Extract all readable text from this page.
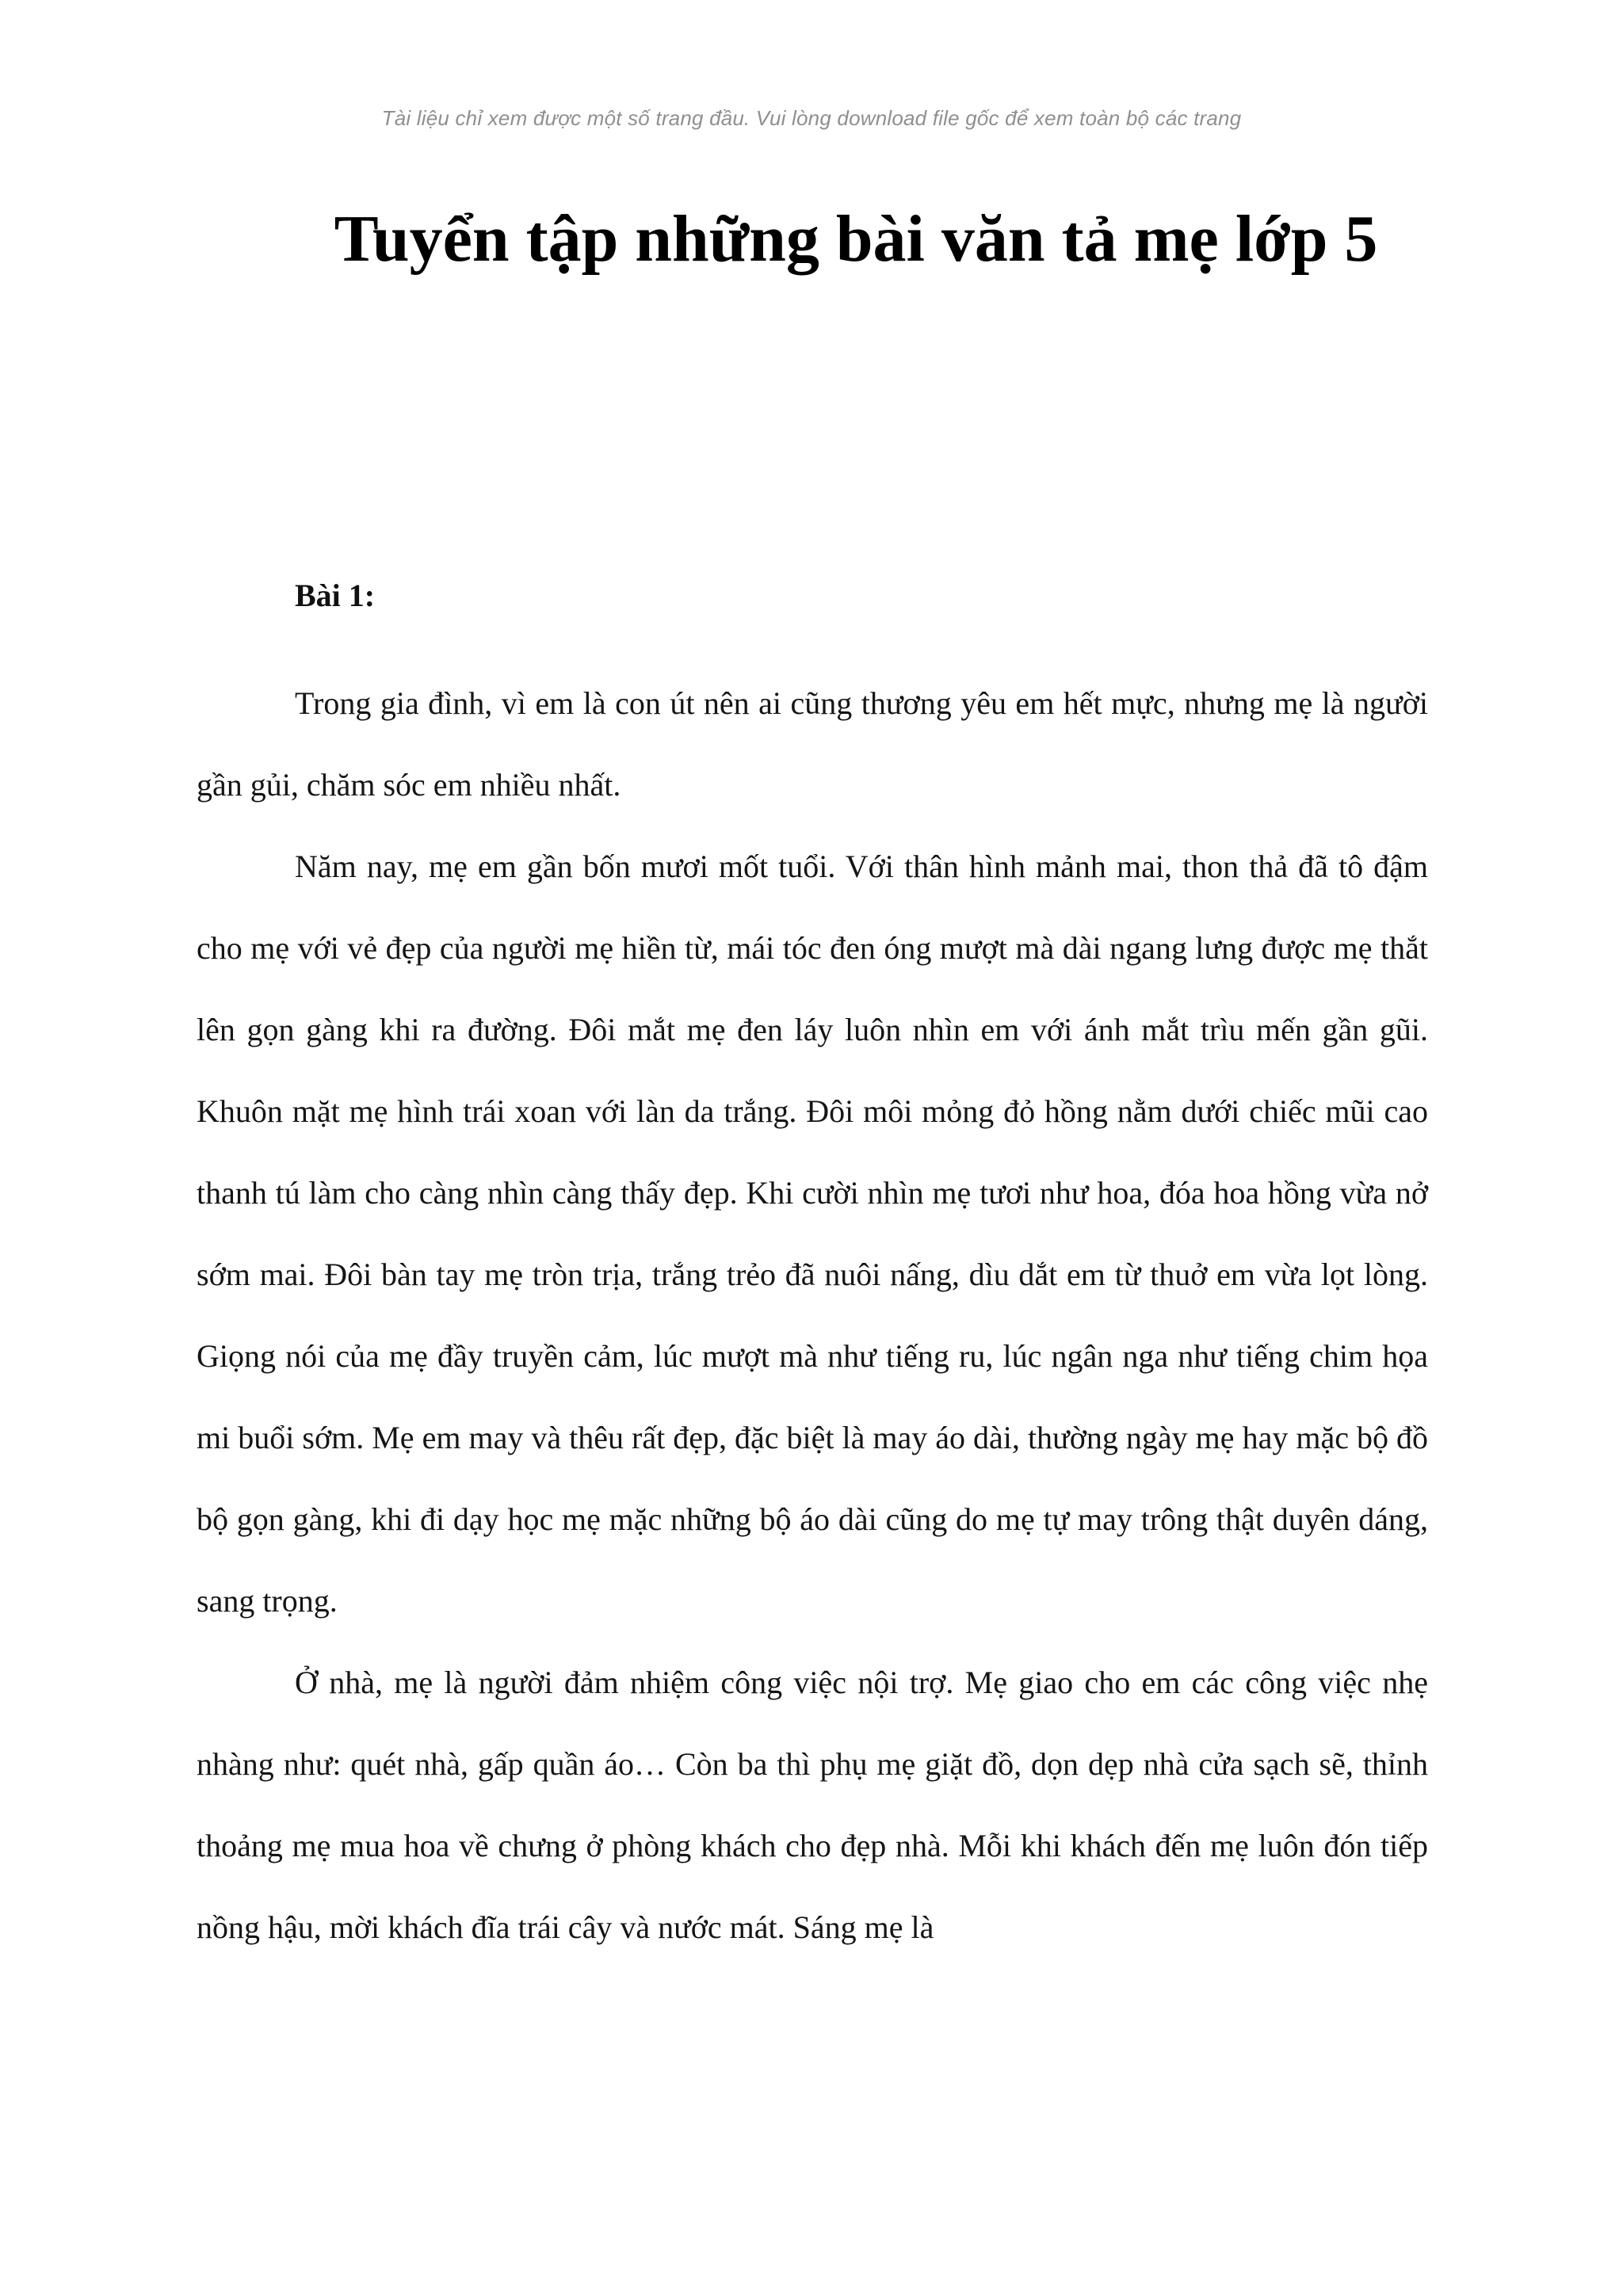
Tài liệu chỉ xem được một số trang đầu. Vui lòng download file gốc để xem toàn bộ các trang
Tuyển tập những bài văn tả mẹ lớp 5
Bài 1:

Trong gia đình, vì em là con út nên ai cũng thương yêu em hết mực, nhưng mẹ là người gần gủi, chăm sóc em nhiều nhất.

Năm nay, mẹ em gần bốn mươi mốt tuổi. Với thân hình mảnh mai, thon thả đã tô đậm cho mẹ với vẻ đẹp của người mẹ hiền từ, mái tóc đen óng mượt mà dài ngang lưng được mẹ thắt lên gọn gàng khi ra đường. Đôi mắt mẹ đen láy luôn nhìn em với ánh mắt trìu mến gần gũi. Khuôn mặt mẹ hình trái xoan với làn da trắng. Đôi môi mỏng đỏ hồng nằm dưới chiếc mũi cao thanh tú làm cho càng nhìn càng thấy đẹp. Khi cười nhìn mẹ tươi như hoa, đóa hoa hồng vừa nở sớm mai. Đôi bàn tay mẹ tròn trịa, trắng trẻo đã nuôi nấng, dìu dắt em từ thuở em vừa lọt lòng. Giọng nói của mẹ đầy truyền cảm, lúc mượt mà như tiếng ru, lúc ngân nga như tiếng chim họa mi buổi sớm. Mẹ em may và thêu rất đẹp, đặc biệt là may áo dài, thường ngày mẹ hay mặc bộ đồ bộ gọn gàng, khi đi dạy học mẹ mặc những bộ áo dài cũng do mẹ tự may trông thật duyên dáng, sang trọng.

Ở nhà, mẹ là người đảm nhiệm công việc nội trợ. Mẹ giao cho em các công việc nhẹ nhàng như: quét nhà, gấp quần áo… Còn ba thì phụ mẹ giặt đồ, dọn dẹp nhà cửa sạch sẽ, thỉnh thoảng mẹ mua hoa về chưng ở phòng khách cho đẹp nhà. Mỗi khi khách đến mẹ luôn đón tiếp nồng hậu, mời khách đĩa trái cây và nước mát. Sáng mẹ là
